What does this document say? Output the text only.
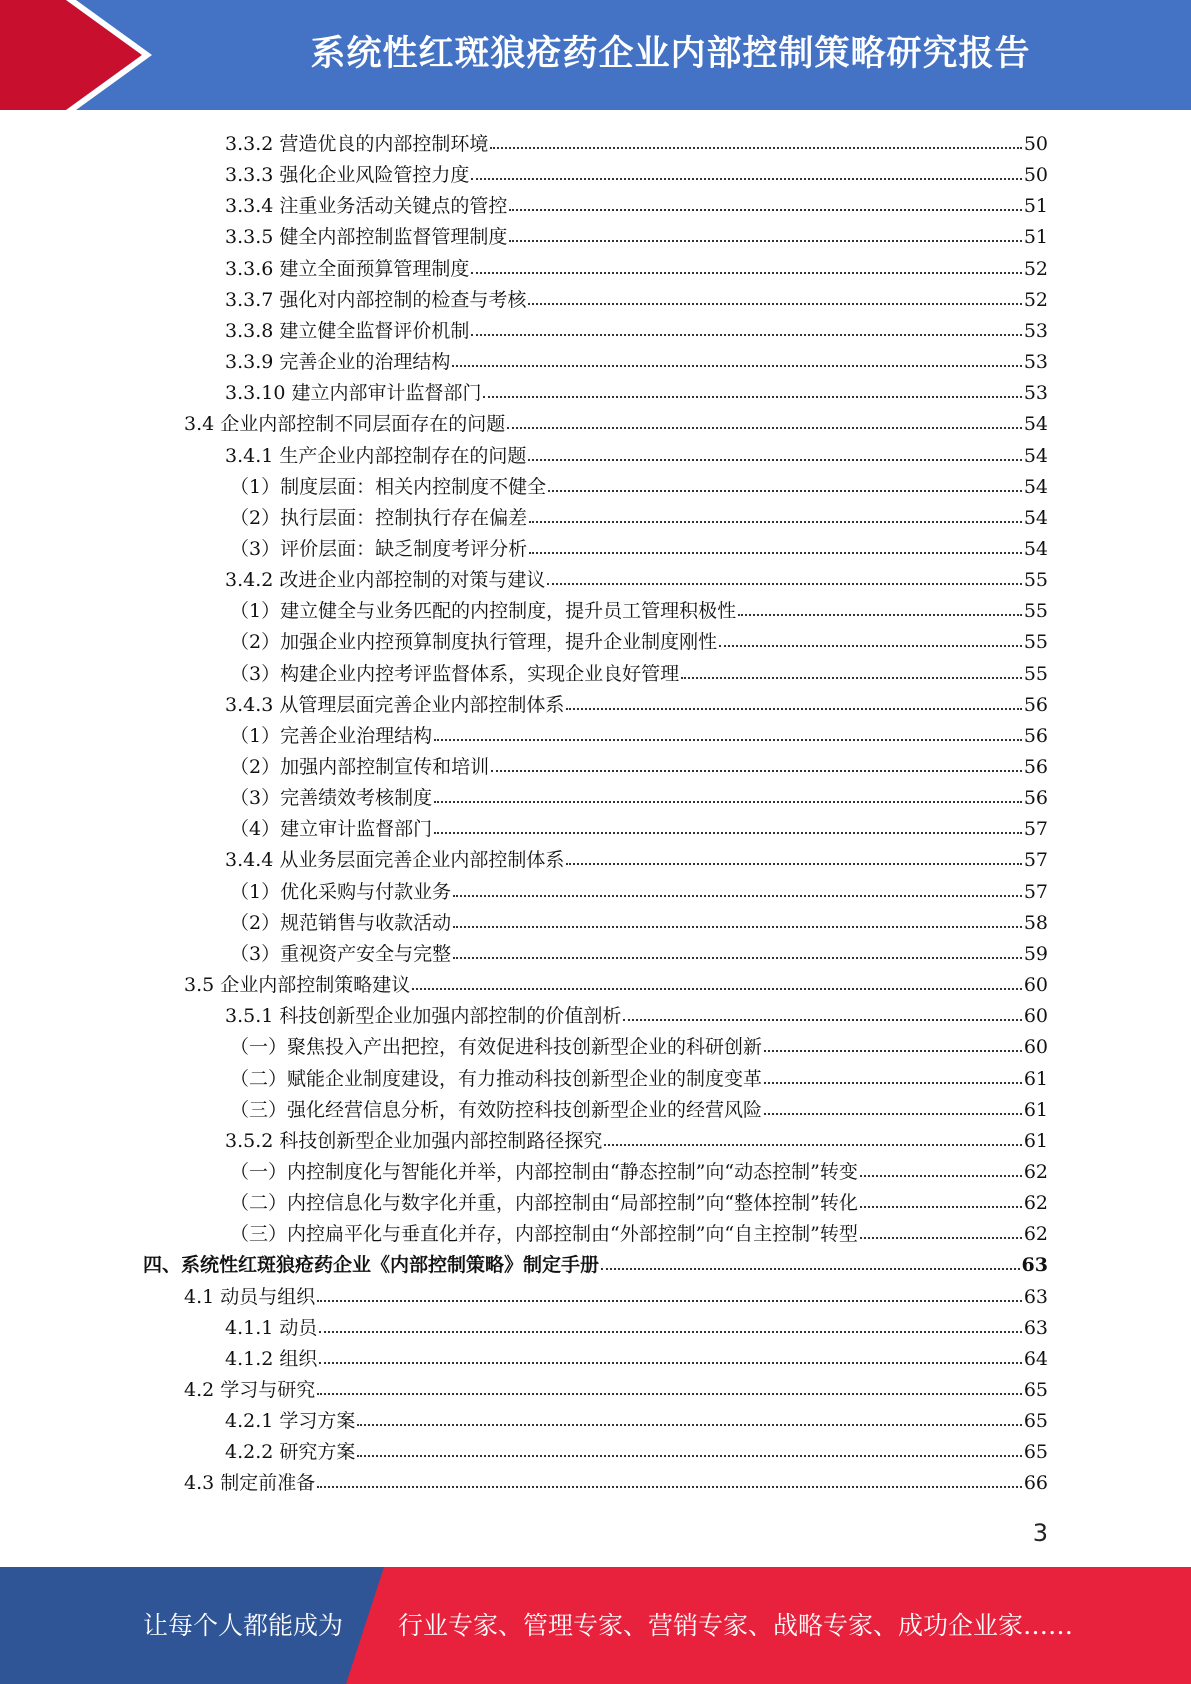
系统性红斑狼疮药企业内部控制策略研究报告
3.3.2 营造优良的内部控制环境	50
3.3.3 强化企业风险管控力度	50
3.3.4 注重业务活动关键点的管控	51
3.3.5 健全内部控制监督管理制度	51
3.3.6 建立全面预算管理制度	52
3.3.7 强化对内部控制的检查与考核	52
3.3.8 建立健全监督评价机制	53
3.3.9 完善企业的治理结构	53
3.3.10 建立内部审计监督部门	53
3.4 企业内部控制不同层面存在的问题	54
3.4.1 生产企业内部控制存在的问题	54
（1）制度层面：相关内控制度不健全	54
（2）执行层面：控制执行存在偏差	54
（3）评价层面：缺乏制度考评分析	54
3.4.2 改进企业内部控制的对策与建议	55
（1）建立健全与业务匹配的内控制度，提升员工管理积极性	55
（2）加强企业内控预算制度执行管理，提升企业制度刚性	55
（3）构建企业内控考评监督体系，实现企业良好管理	55
3.4.3 从管理层面完善企业内部控制体系	56
（1）完善企业治理结构	56
（2）加强内部控制宣传和培训	56
（3）完善绩效考核制度	56
（4）建立审计监督部门	57
3.4.4 从业务层面完善企业内部控制体系	57
（1）优化采购与付款业务	57
（2）规范销售与收款活动	58
（3）重视资产安全与完整	59
3.5 企业内部控制策略建议	60
3.5.1 科技创新型企业加强内部控制的价值剖析	60
（一）聚焦投入产出把控，有效促进科技创新型企业的科研创新	60
（二）赋能企业制度建设，有力推动科技创新型企业的制度变革	61
（三）强化经营信息分析，有效防控科技创新型企业的经营风险	61
3.5.2 科技创新型企业加强内部控制路径探究	61
（一）内控制度化与智能化并举，内部控制由“静态控制”向“动态控制”转变	62
（二）内控信息化与数字化并重，内部控制由“局部控制”向“整体控制”转化	62
（三）内控扁平化与垂直化并存，内部控制由“外部控制”向“自主控制”转型	62
四、系统性红斑狼疮药企业《内部控制策略》制定手册	63
4.1 动员与组织	63
4.1.1 动员	63
4.1.2 组织	64
4.2 学习与研究	65
4.2.1 学习方案	65
4.2.2 研究方案	65
4.3 制定前准备	66
3
让每个人都能成为 行业专家、管理专家、营销专家、战略专家、成功企业家……
